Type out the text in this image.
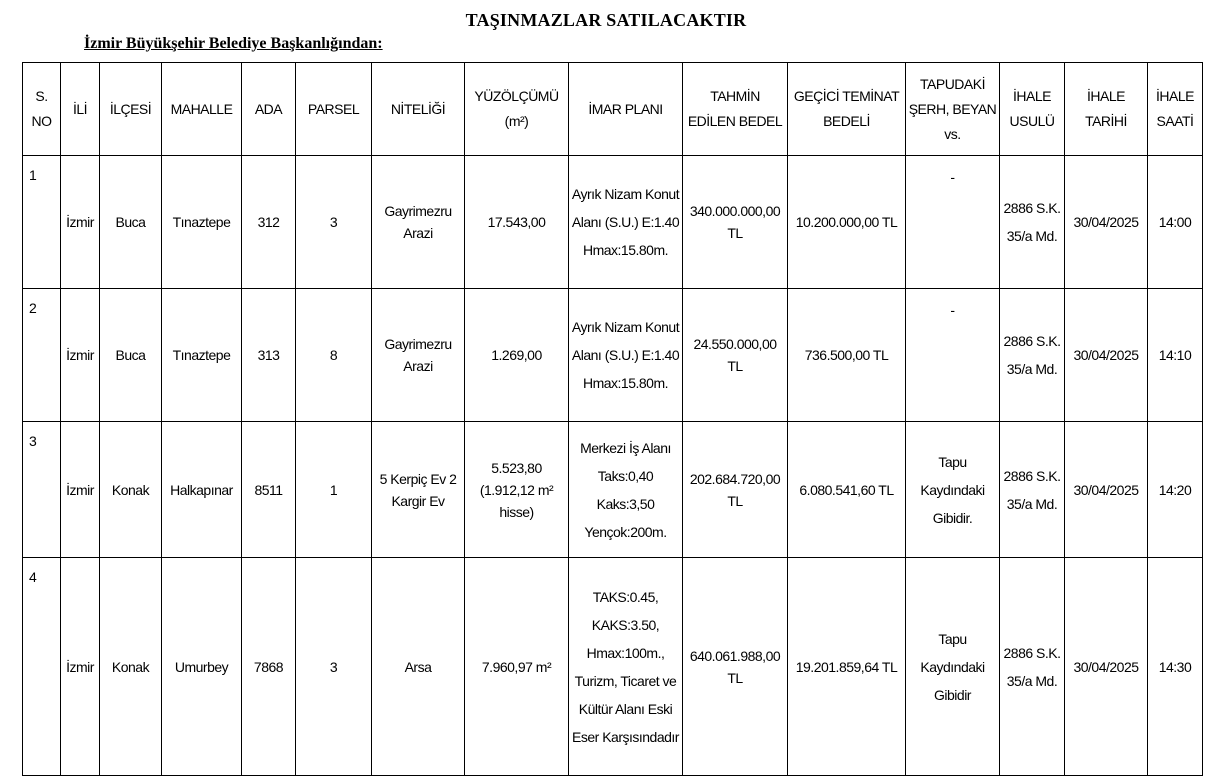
TAŞINMAZLAR SATILACAKTIR
İzmir Büyükşehir Belediye Başkanlığından:
S. NO	İLİ	İLÇESİ	MAHALLE	ADA	PARSEL	NİTELİĞİ	YÜZÖLÇÜMÜ (m²)	İMAR PLANI	TAHMİN EDİLEN BEDEL	GEÇİCİ TEMİNAT BEDELİ	TAPUDAKİ ŞERH, BEYAN vs.	İHALE USULÜ	İHALE TARİHİ	İHALE SAATİ
1	İzmir	Buca	Tınaztepe	312	3	Gayrimezru Arazi	17.543,00	Ayrık Nizam Konut Alanı (S.U.) E:1.40 Hmax:15.80m.	340.000.000,00 TL	10.200.000,00 TL	-	2886 S.K. 35/a Md.	30/04/2025	14:00
2	İzmir	Buca	Tınaztepe	313	8	Gayrimezru Arazi	1.269,00	Ayrık Nizam Konut Alanı (S.U.) E:1.40 Hmax:15.80m.	24.550.000,00 TL	736.500,00 TL	-	2886 S.K. 35/a Md.	30/04/2025	14:10
3	İzmir	Konak	Halkapınar	8511	1	5 Kerpiç Ev 2 Kargir Ev	5.523,80 (1.912,12 m² hisse)	Merkezi İş Alanı Taks:0,40 Kaks:3,50 Yençok:200m.	202.684.720,00 TL	6.080.541,60 TL	Tapu Kaydındaki Gibidir.	2886 S.K. 35/a Md.	30/04/2025	14:20
4	İzmir	Konak	Umurbey	7868	3	Arsa	7.960,97 m²	TAKS:0.45, KAKS:3.50, Hmax:100m., Turizm, Ticaret ve Kültür Alanı Eski Eser Karşısındadır	640.061.988,00 TL	19.201.859,64 TL	Tapu Kaydındaki Gibidir	2886 S.K. 35/a Md.	30/04/2025	14:30
